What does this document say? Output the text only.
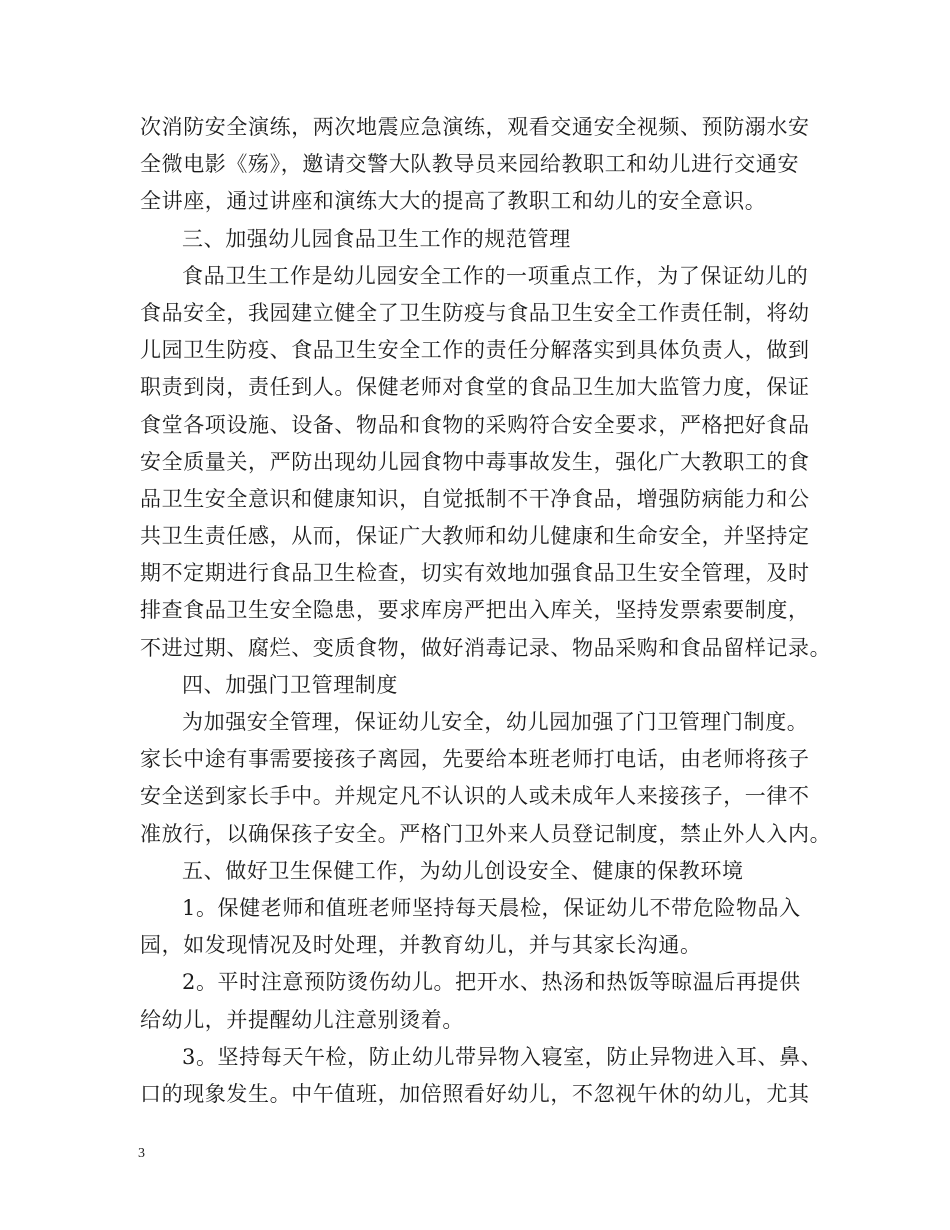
次消防安全演练，两次地震应急演练，观看交通安全视频、预防溺水安
全微电影《殇》，邀请交警大队教导员来园给教职工和幼儿进行交通安
全讲座，通过讲座和演练大大的提高了教职工和幼儿的安全意识。
三、加强幼儿园食品卫生工作的规范管理
食品卫生工作是幼儿园安全工作的一项重点工作，为了保证幼儿的
食品安全，我园建立健全了卫生防疫与食品卫生安全工作责任制，将幼
儿园卫生防疫、食品卫生安全工作的责任分解落实到具体负责人，做到
职责到岗，责任到人。保健老师对食堂的食品卫生加大监管力度，保证
食堂各项设施、设备、物品和食物的采购符合安全要求，严格把好食品
安全质量关，严防出现幼儿园食物中毒事故发生，强化广大教职工的食
品卫生安全意识和健康知识，自觉抵制不干净食品，增强防病能力和公
共卫生责任感，从而，保证广大教师和幼儿健康和生命安全，并坚持定
期不定期进行食品卫生检查，切实有效地加强食品卫生安全管理，及时
排查食品卫生安全隐患，要求库房严把出入库关，坚持发票索要制度，
不进过期、腐烂、变质食物，做好消毒记录、物品采购和食品留样记录。
四、加强门卫管理制度
为加强安全管理，保证幼儿安全，幼儿园加强了门卫管理门制度。
家长中途有事需要接孩子离园，先要给本班老师打电话，由老师将孩子
安全送到家长手中。并规定凡不认识的人或未成年人来接孩子，一律不
准放行，以确保孩子安全。严格门卫外来人员登记制度，禁止外人入内。
五、做好卫生保健工作，为幼儿创设安全、健康的保教环境
1。保健老师和值班老师坚持每天晨检，保证幼儿不带危险物品入
园，如发现情况及时处理，并教育幼儿，并与其家长沟通。
2。平时注意预防烫伤幼儿。把开水、热汤和热饭等晾温后再提供
给幼儿，并提醒幼儿注意别烫着。
3。坚持每天午检，防止幼儿带异物入寝室，防止异物进入耳、鼻、
口的现象发生。中午值班，加倍照看好幼儿，不忽视午休的幼儿，尤其
3
